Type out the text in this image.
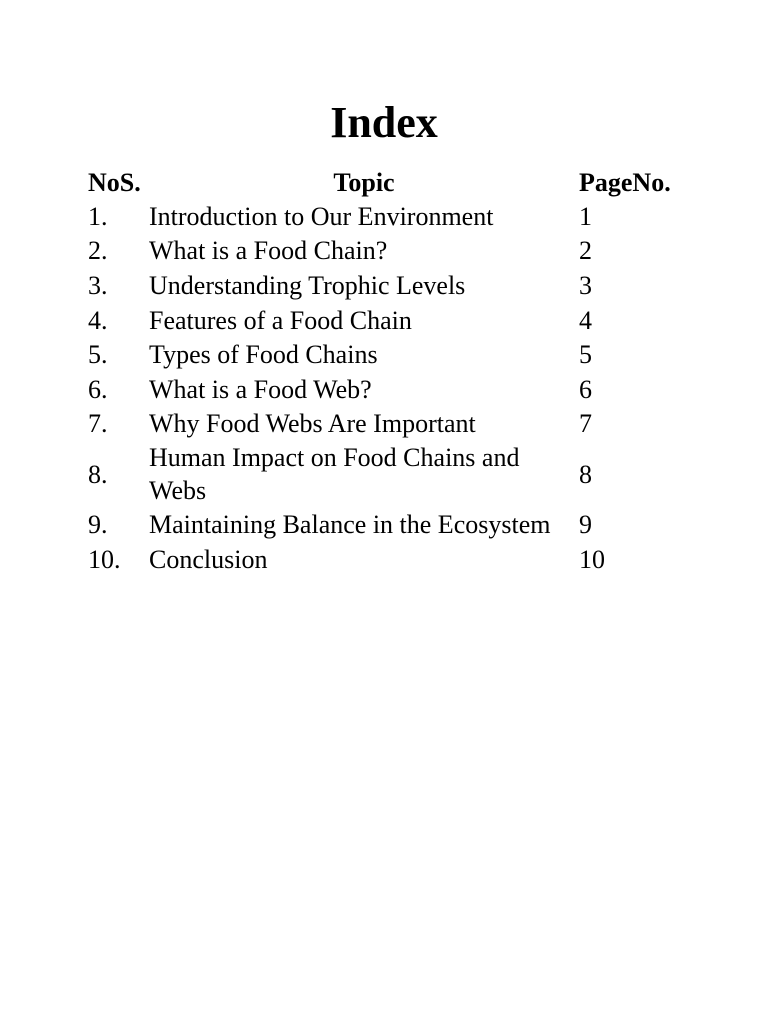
Index
NoS.	Topic	PageNo.
1.	Introduction to Our Environment	1
2.	What is a Food Chain?	2
3.	Understanding Trophic Levels	3
4.	Features of a Food Chain	4
5.	Types of Food Chains	5
6.	What is a Food Web?	6
7.	Why Food Webs Are Important	7
8.	Human Impact on Food Chains and Webs	8
9.	Maintaining Balance in the Ecosystem	9
10.	Conclusion	10
